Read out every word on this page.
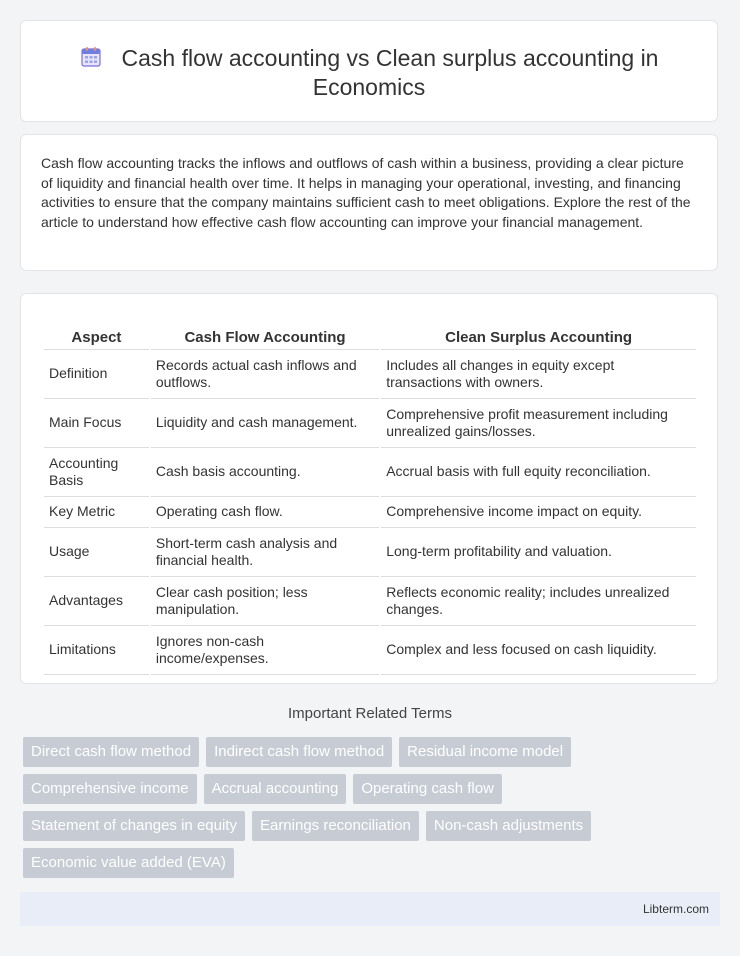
Cash flow accounting vs Clean surplus accounting in Economics
Cash flow accounting tracks the inflows and outflows of cash within a business, providing a clear picture of liquidity and financial health over time. It helps in managing your operational, investing, and financing activities to ensure that the company maintains sufficient cash to meet obligations. Explore the rest of the article to understand how effective cash flow accounting can improve your financial management.
Aspect	Cash Flow Accounting	Clean Surplus Accounting
Definition	Records actual cash inflows and outflows.	Includes all changes in equity except transactions with owners.
Main Focus	Liquidity and cash management.	Comprehensive profit measurement including unrealized gains/losses.
Accounting Basis	Cash basis accounting.	Accrual basis with full equity reconciliation.
Key Metric	Operating cash flow.	Comprehensive income impact on equity.
Usage	Short-term cash analysis and financial health.	Long-term profitability and valuation.
Advantages	Clear cash position; less manipulation.	Reflects economic reality; includes unrealized changes.
Limitations	Ignores non-cash income/expenses.	Complex and less focused on cash liquidity.
Important Related Terms
Direct cash flow method	Indirect cash flow method	Residual income model
Comprehensive income	Accrual accounting	Operating cash flow
Statement of changes in equity	Earnings reconciliation	Non-cash adjustments
Economic value added (EVA)
Libterm.com
